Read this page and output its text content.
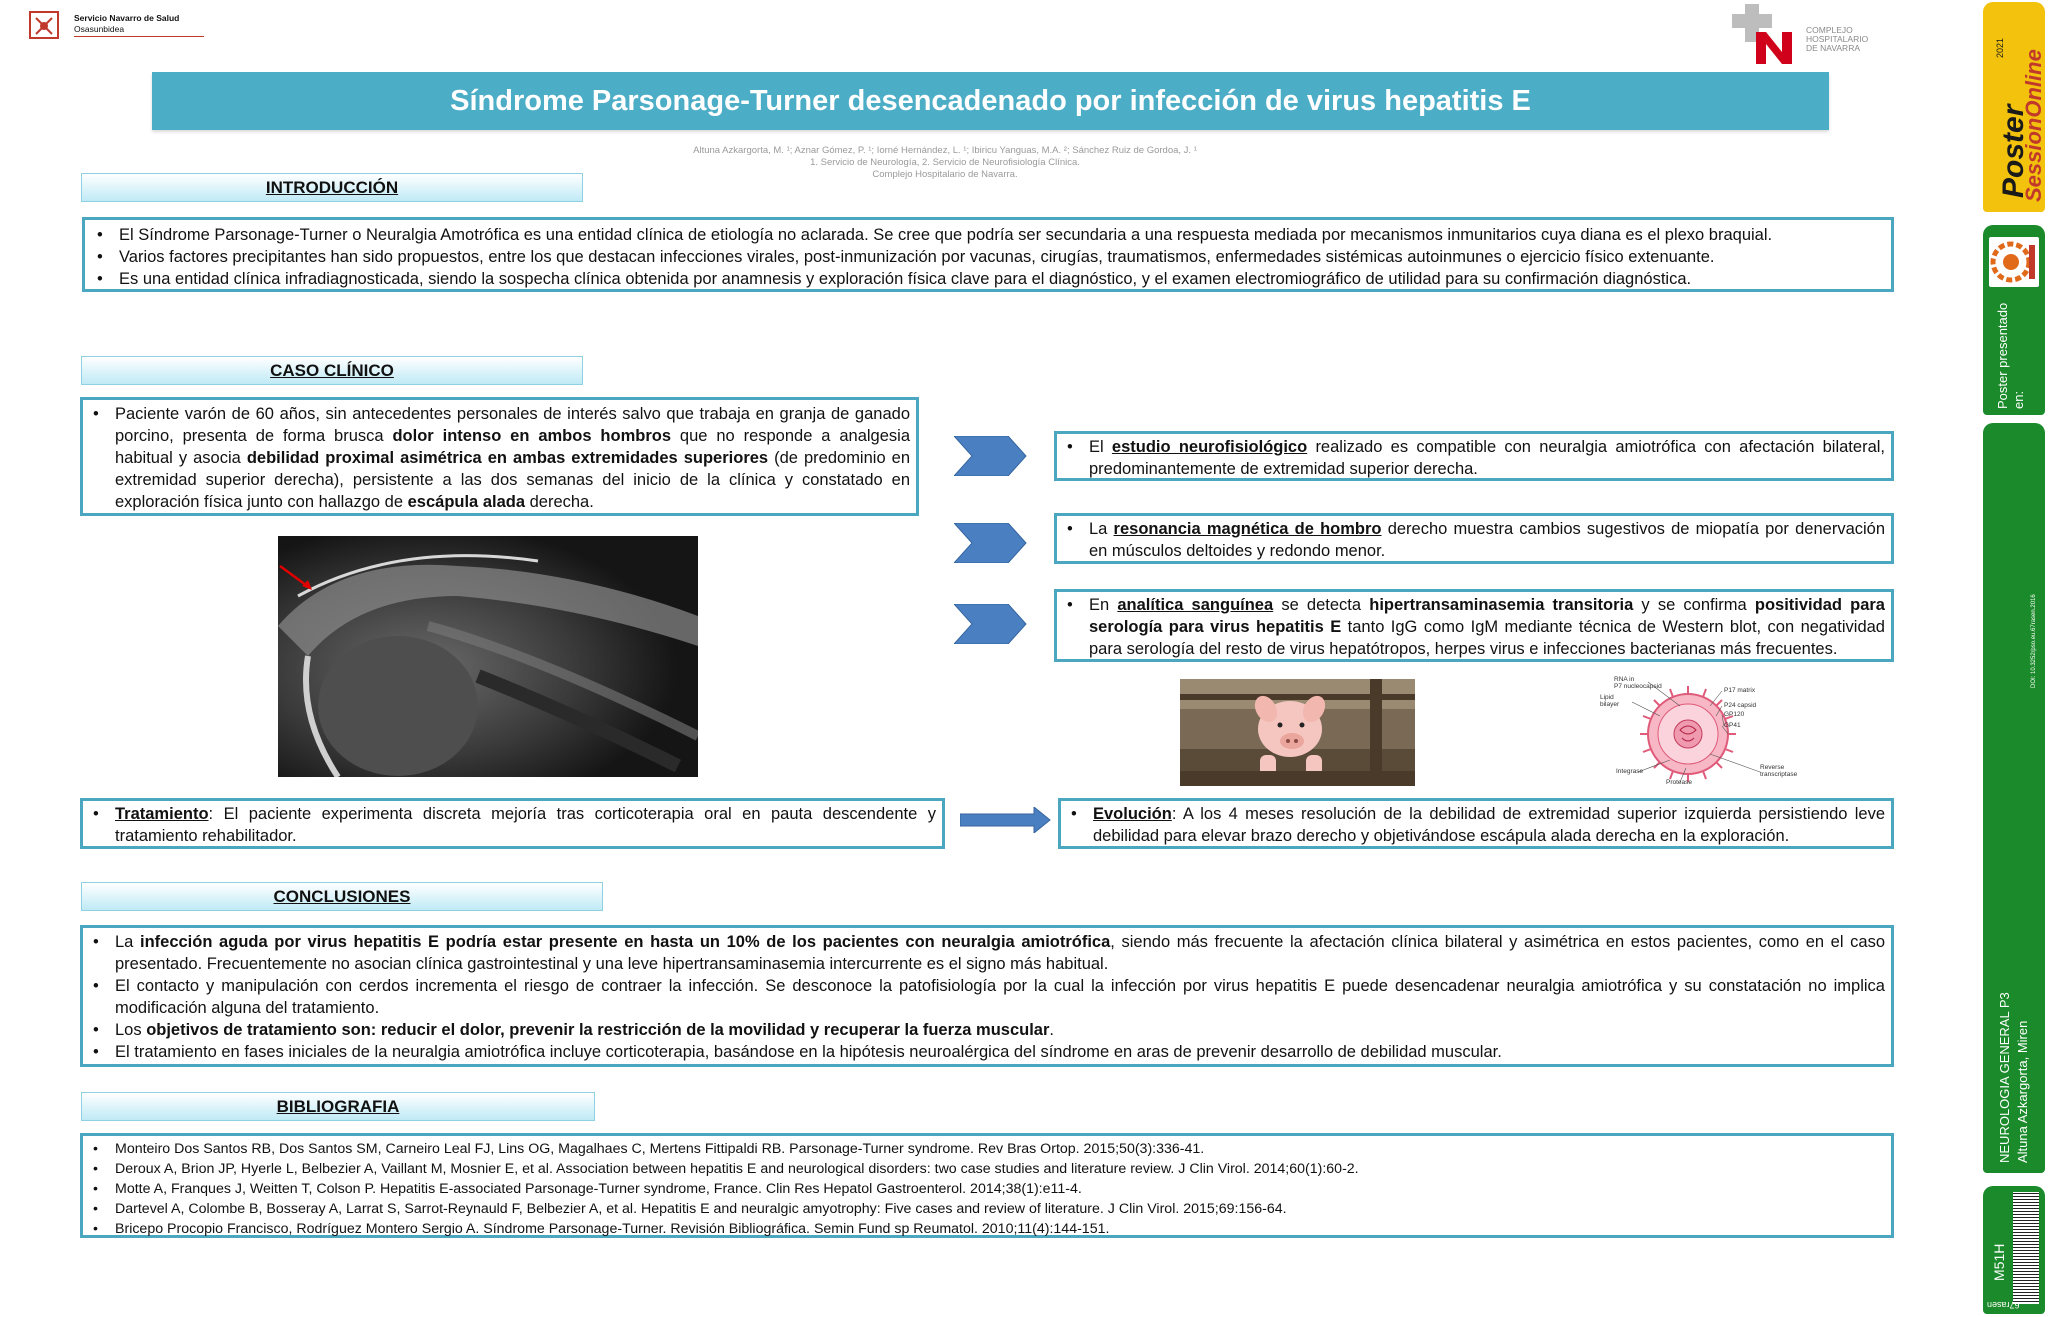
Servicio Navarro de Salud
Osasunbidea	COMPLEJO
HOSPITALARIO
DE NAVARRA
Síndrome Parsonage-Turner desencadenado por infección de virus hepatitis E
Altuna Azkargorta, M. ¹; Aznar Gómez, P. ¹; Iorné Hernández, L. ¹; Ibiricu Yanguas, M.A. ²; Sánchez Ruiz de Gordoa, J. ¹
1. Servicio de Neurología, 2. Servicio de Neurofisiología Clínica.
Complejo Hospitalario de Navarra.
INTRODUCCIÓN
• El Síndrome Parsonage-Turner o Neuralgia Amotrófica es una entidad clínica de etiología no aclarada. Se cree que podría ser secundaria a una respuesta mediada por mecanismos inmunitarios cuya diana es el plexo braquial.
• Varios factores precipitantes han sido propuestos, entre los que destacan infecciones virales, post-inmunización por vacunas, cirugías, traumatismos, enfermedades sistémicas autoinmunes o ejercicio físico extenuante.
• Es una entidad clínica infradiagnosticada, siendo la sospecha clínica obtenida por anamnesis y exploración física clave para el diagnóstico, y el examen electromiográfico de utilidad para su confirmación diagnóstica.
CASO CLÍNICO
• Paciente varón de 60 años, sin antecedentes personales de interés salvo que trabaja en granja de ganado porcino, presenta de forma brusca dolor intenso en ambos hombros que no responde a analgesia habitual y asocia debilidad proximal asimétrica en ambas extremidades superiores (de predominio en extremidad superior derecha), persistente a las dos semanas del inicio de la clínica y constatado en exploración física junto con hallazgo de escápula alada derecha.
• El estudio neurofisiológico realizado es compatible con neuralgia amiotrófica con afectación bilateral, predominantemente de extremidad superior derecha.
• La resonancia magnética de hombro derecho muestra cambios sugestivos de miopatía por denervación en músculos deltoides y redondo menor.
• En analítica sanguínea se detecta hipertransaminasemia transitoria y se confirma positividad para serología para virus hepatitis E tanto IgG como IgM mediante técnica de Western blot, con negatividad para serología del resto de virus hepatótropos, herpes virus e infecciones bacterianas más frecuentes.
RNA in
P7 nucleocapsid
Lipid
bilayer
P17 matrix
P24 capsid
GP120
GP41
Integrase
Protease
Reverse
transcriptase
• Tratamiento: El paciente experimenta discreta mejoría tras corticoterapia oral en pauta descendente y tratamiento rehabilitador.
• Evolución: A los 4 meses resolución de la debilidad de extremidad superior izquierda persistiendo leve debilidad para elevar brazo derecho y objetivándose escápula alada derecha en la exploración.
CONCLUSIONES
• La infección aguda por virus hepatitis E podría estar presente en hasta un 10% de los pacientes con neuralgia amiotrófica, siendo más frecuente la afectación clínica bilateral y asimétrica en estos pacientes, como en el caso presentado. Frecuentemente no asocian clínica gastrointestinal y una leve hipertransaminasemia intercurrente es el signo más habitual.
• El contacto y manipulación con cerdos incrementa el riesgo de contraer la infección. Se desconoce la patofisiología por la cual la infección por virus hepatitis E puede desencadenar neuralgia amiotrófica y su constatación no implica modificación alguna del tratamiento.
• Los objetivos de tratamiento son: reducir el dolor, prevenir la restricción de la movilidad y recuperar la fuerza muscular.
• El tratamiento en fases iniciales de la neuralgia amiotrófica incluye corticoterapia, basándose en la hipótesis neuroalérgica del síndrome en aras de prevenir desarrollo de debilidad muscular.
BIBLIOGRAFIA
• Monteiro Dos Santos RB, Dos Santos SM, Carneiro Leal FJ, Lins OG, Magalhaes C, Mertens Fittipaldi RB. Parsonage-Turner syndrome. Rev Bras Ortop. 2015;50(3):336-41.
• Deroux A, Brion JP, Hyerle L, Belbezier A, Vaillant M, Mosnier E, et al. Association between hepatitis E and neurological disorders: two case studies and literature review. J Clin Virol. 2014;60(1):60-2.
• Motte A, Franques J, Weitten T, Colson P. Hepatitis E-associated Parsonage-Turner syndrome, France. Clin Res Hepatol Gastroenterol. 2014;38(1):e11-4.
• Dartevel A, Colombe B, Bosseray A, Larrat S, Sarrot-Reynauld F, Belbezier A, et al. Hepatitis E and neuralgic amyotrophy: Five cases and review of literature. J Clin Virol. 2015;69:156-64.
• Bricepo Procopio Francisco, Rodríguez Montero Sergio A. Síndrome Parsonage-Turner. Revisión Bibliográfica. Semin Fund sp Reumatol. 2010;11(4):144-151.
Poster
SessionOnline
2021
Poster presentado en:
DOI: 10.3252/pso.eu.67rasen.2016
NEUROLOGIA GENERAL P3 Altuna Azkargorta, Miren
M51H
67rasen
